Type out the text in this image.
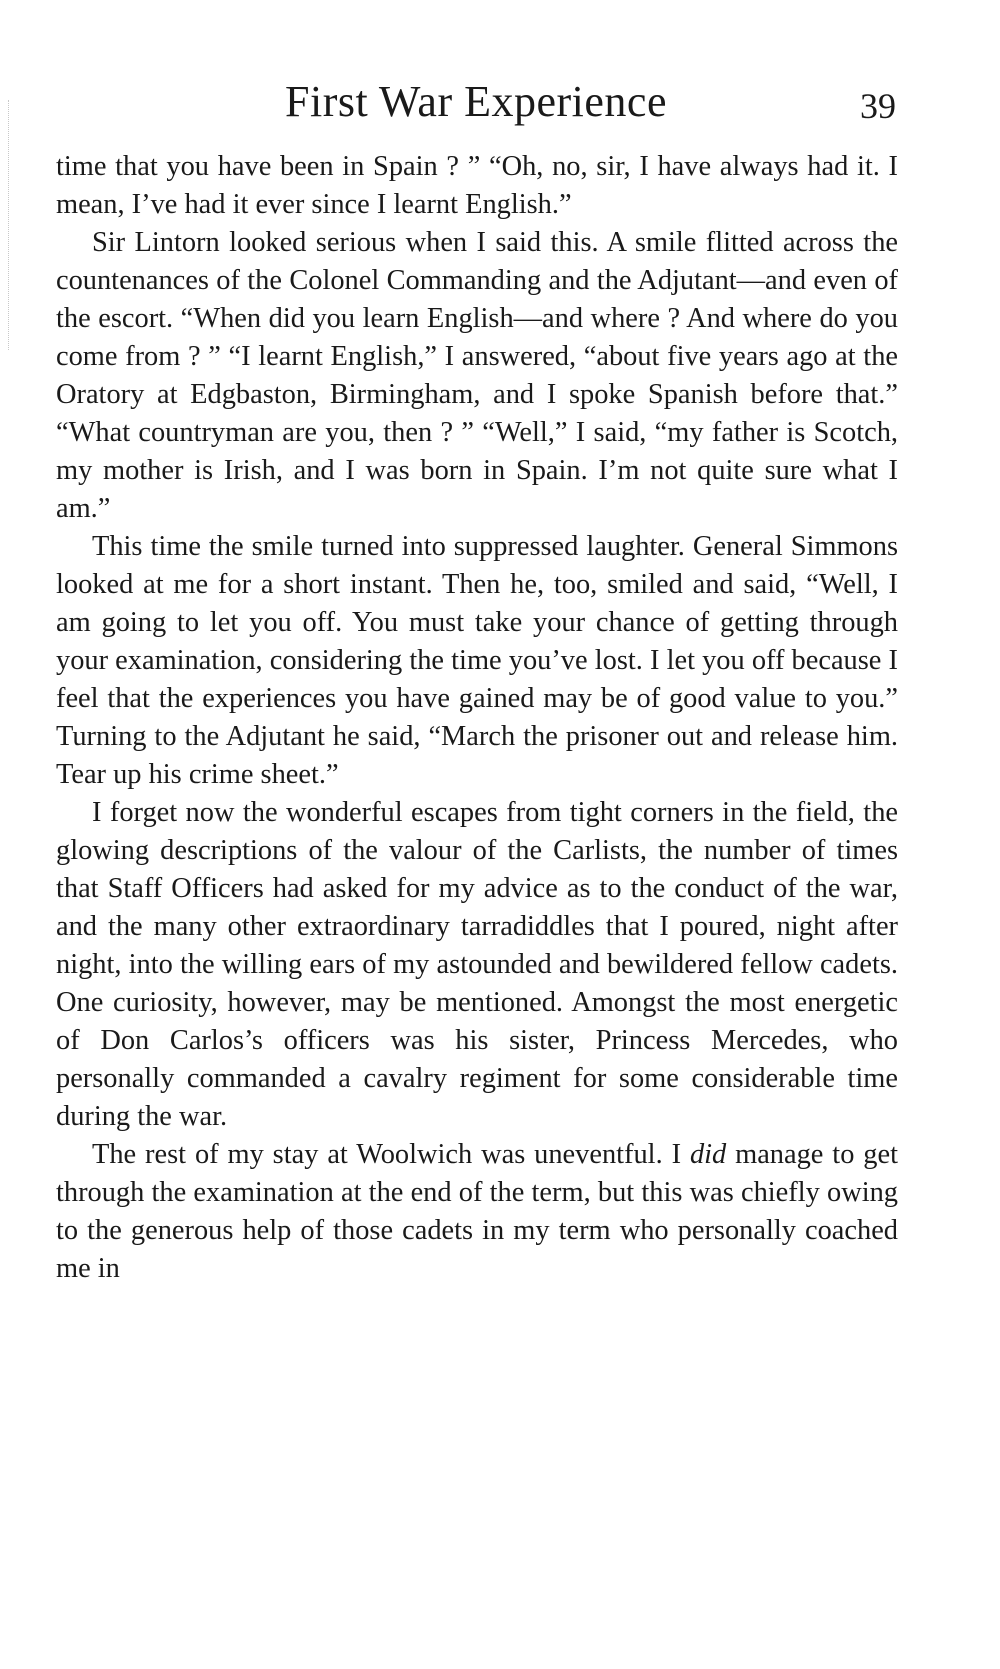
First War Experience	39

time that you have been in Spain ? ” “Oh, no, sir, I have always had it. I mean, I’ve had it ever since I learnt English.”

Sir Lintorn looked serious when I said this. A smile flitted across the countenances of the Colonel Commanding and the Adjutant—and even of the escort. “When did you learn English—and where ? And where do you come from ? ” “I learnt English,” I answered, “about five years ago at the Oratory at Edgbaston, Birmingham, and I spoke Spanish before that.” “What countryman are you, then ? ” “Well,” I said, “my father is Scotch, my mother is Irish, and I was born in Spain. I’m not quite sure what I am.”

This time the smile turned into suppressed laughter. General Simmons looked at me for a short instant. Then he, too, smiled and said, “Well, I am going to let you off. You must take your chance of getting through your examination, considering the time you’ve lost. I let you off because I feel that the experiences you have gained may be of good value to you.” Turning to the Adjutant he said, “March the prisoner out and release him. Tear up his crime sheet.”

I forget now the wonderful escapes from tight corners in the field, the glowing descriptions of the valour of the Carlists, the number of times that Staff Officers had asked for my advice as to the conduct of the war, and the many other extraordinary tarradiddles that I poured, night after night, into the willing ears of my astounded and bewildered fellow cadets. One curiosity, however, may be mentioned. Amongst the most energetic of Don Carlos’s officers was his sister, Princess Mercedes, who personally commanded a cavalry regiment for some considerable time during the war.

The rest of my stay at Woolwich was uneventful. I did manage to get through the examination at the end of the term, but this was chiefly owing to the generous help of those cadets in my term who personally coached me in
